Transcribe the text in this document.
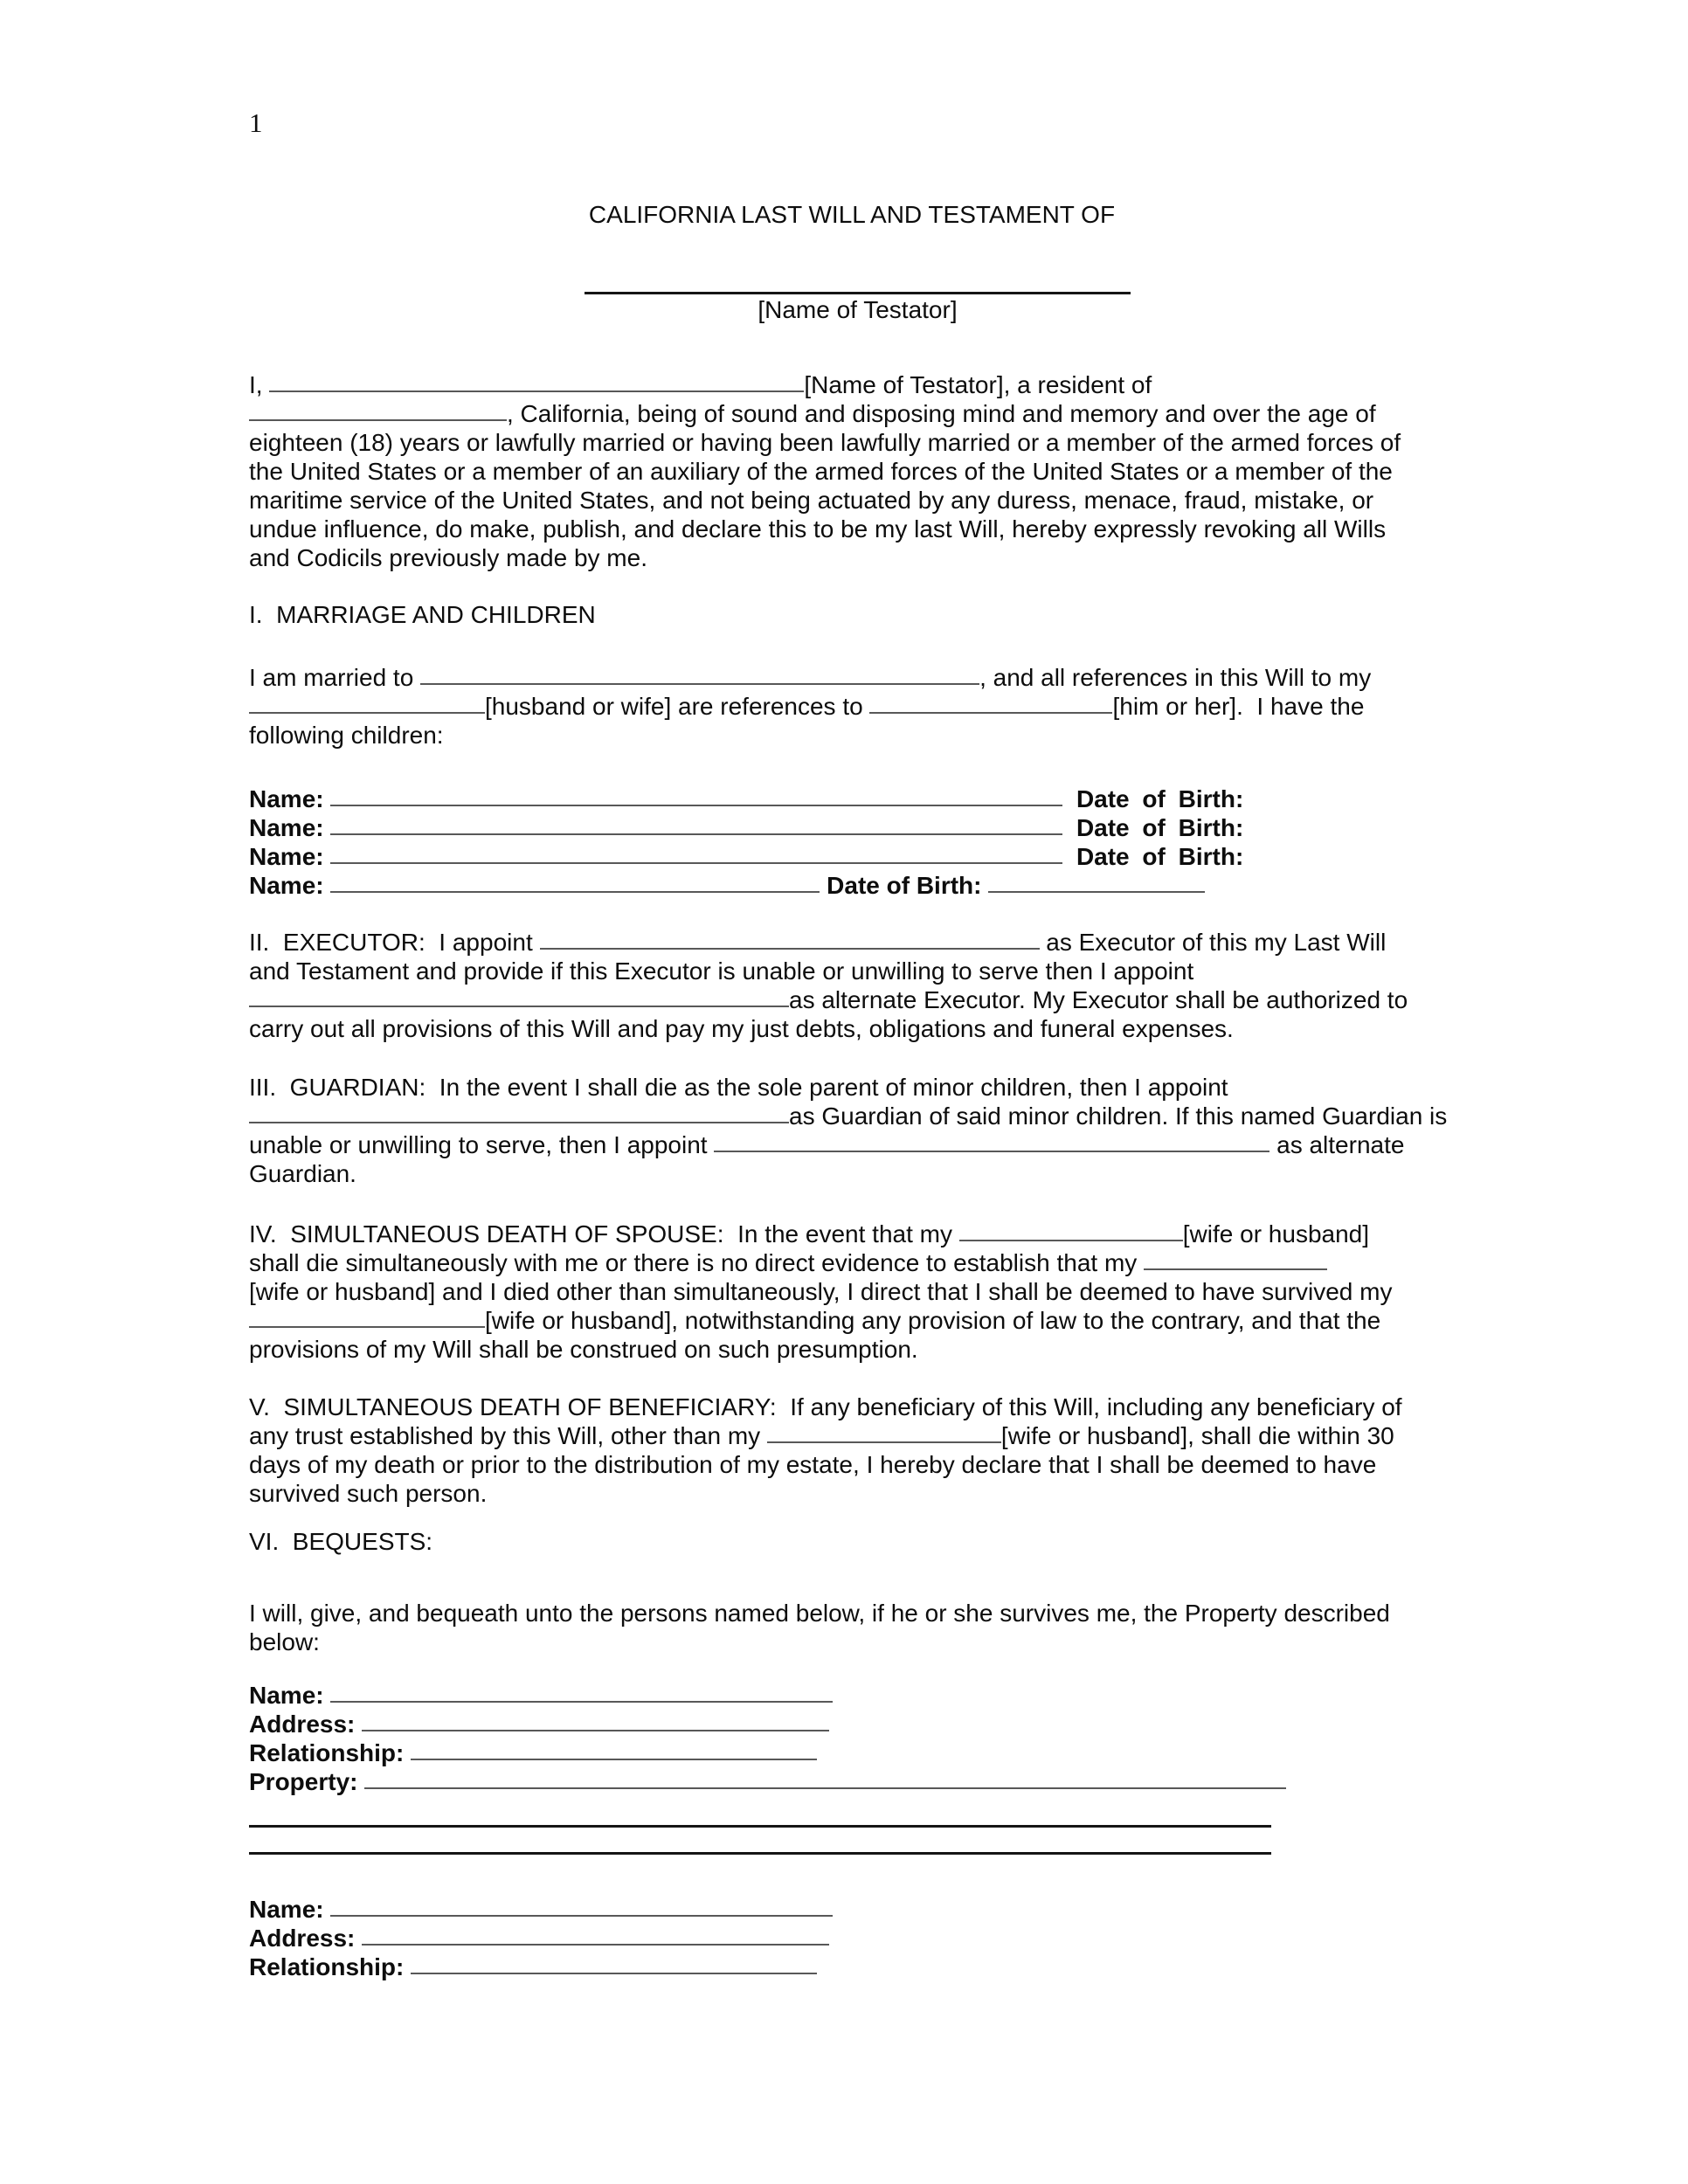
1
CALIFORNIA LAST WILL AND TESTAMENT OF
[Name of Testator]
I,	[Name of Testator], a resident of
, California, being of sound and disposing mind and memory and over the age of
eighteen (18) years or lawfully married or having been lawfully married or a member of the armed forces of
the United States or a member of an auxiliary of the armed forces of the United States or a member of the
maritime service of the United States, and not being actuated by any duress, menace, fraud, mistake, or
undue influence, do make, publish, and declare this to be my last Will, hereby expressly revoking all Wills
and Codicils previously made by me.
I.  MARRIAGE AND CHILDREN
I am married to	, and all references in this Will to my
[husband or wife] are references to	[him or her].  I have the
following children:
Name:	Date of Birth:
Name:	Date of Birth:
Name:	Date of Birth:
Name:	Date of Birth:
II.  EXECUTOR:  I appoint	as Executor of this my Last Will
and Testament and provide if this Executor is unable or unwilling to serve then I appoint
as alternate Executor. My Executor shall be authorized to
carry out all provisions of this Will and pay my just debts, obligations and funeral expenses.
III.  GUARDIAN:  In the event I shall die as the sole parent of minor children, then I appoint
as Guardian of said minor children. If this named Guardian is
unable or unwilling to serve, then I appoint	as alternate
Guardian.
IV.  SIMULTANEOUS DEATH OF SPOUSE:  In the event that my	[wife or husband]
shall die simultaneously with me or there is no direct evidence to establish that my
[wife or husband] and I died other than simultaneously, I direct that I shall be deemed to have survived my
[wife or husband], notwithstanding any provision of law to the contrary, and that the
provisions of my Will shall be construed on such presumption.
V.  SIMULTANEOUS DEATH OF BENEFICIARY:  If any beneficiary of this Will, including any beneficiary of
any trust established by this Will, other than my	[wife or husband], shall die within 30
days of my death or prior to the distribution of my estate, I hereby declare that I shall be deemed to have
survived such person.
VI.  BEQUESTS:
I will, give, and bequeath unto the persons named below, if he or she survives me, the Property described
below:
Name:
Address:
Relationship:
Property:
Name:
Address:
Relationship:
